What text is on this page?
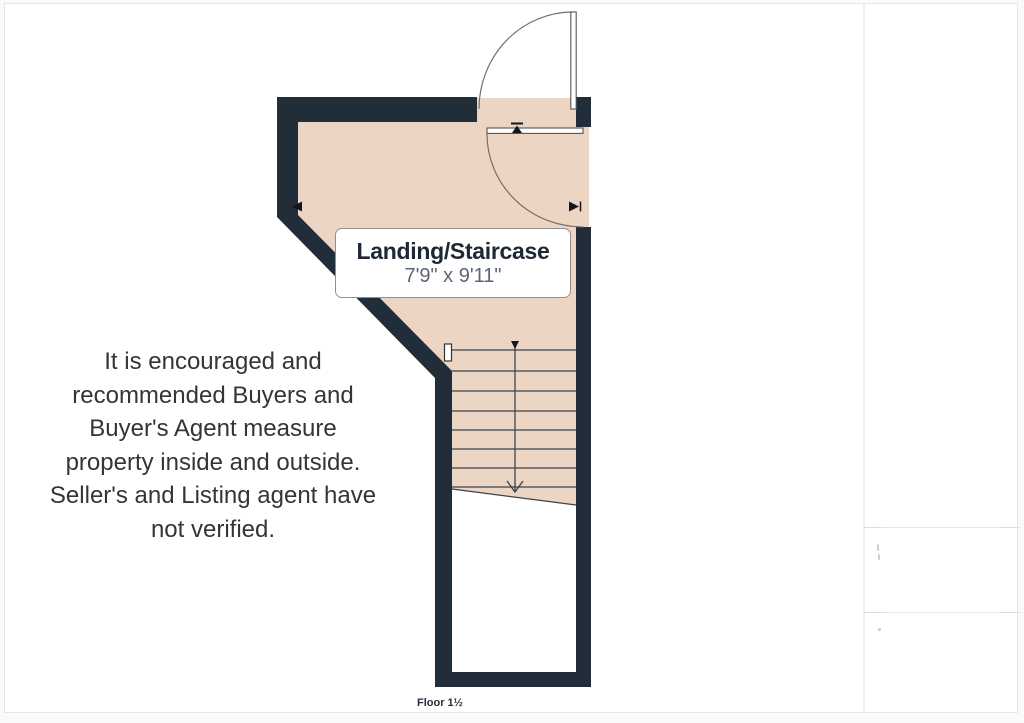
Landing/Staircase
7'9" x 9'11"
It is encouraged and
recommended Buyers and
Buyer's Agent measure
property inside and outside.
Seller's and Listing agent have
not verified.
Floor 1½
